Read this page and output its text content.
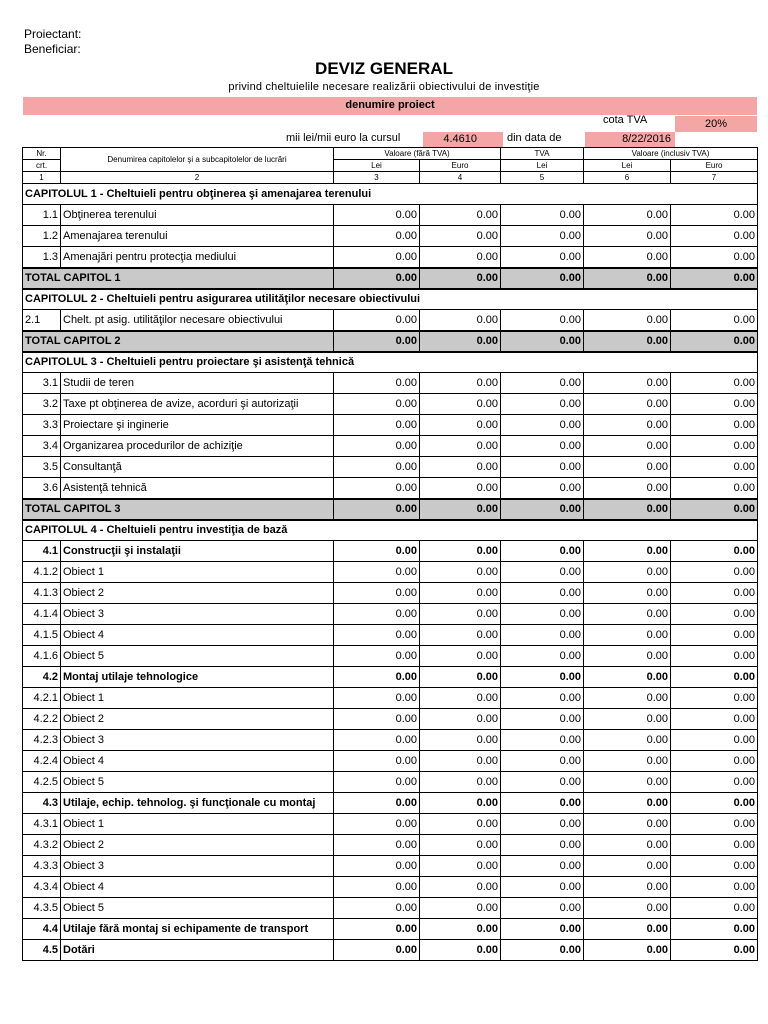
Proiectant:
Beneficiar:
DEVIZ GENERAL
privind cheltuielile necesare realizării obiectivului de investiţie
denumire proiect
cota TVA	20%
mii lei/mii euro la cursul	4.4610	din data de	8/22/2016
Nr.	Denumirea capitolelor şi a subcapitolelor de lucrări	Valoare (fără TVA)		TVA	Valoare (inclusiv TVA)	
crt.		Lei	Euro	Lei	Lei	Euro
1	2	3	4	5	6	7
CAPITOLUL 1 - Cheltuieli pentru obţinerea şi amenajarea terenului						
1.1	Obţinerea terenului	0.00	0.00	0.00	0.00	0.00
1.2	Amenajarea terenului	0.00	0.00	0.00	0.00	0.00
1.3	Amenajări pentru protecţia mediului	0.00	0.00	0.00	0.00	0.00
TOTAL CAPITOL 1		0.00	0.00	0.00	0.00	0.00
CAPITOLUL 2 - Cheltuieli pentru asigurarea utilităţilor necesare obiectivului						
2.1	Chelt. pt asig. utilităţilor necesare obiectivului	0.00	0.00	0.00	0.00	0.00
TOTAL CAPITOL 2		0.00	0.00	0.00	0.00	0.00
CAPITOLUL 3 - Cheltuieli pentru proiectare şi asistenţă tehnică						
3.1	Studii de teren	0.00	0.00	0.00	0.00	0.00
3.2	Taxe pt obţinerea de avize, acorduri şi autorizaţii	0.00	0.00	0.00	0.00	0.00
3.3	Proiectare şi inginerie	0.00	0.00	0.00	0.00	0.00
3.4	Organizarea procedurilor de achiziţie	0.00	0.00	0.00	0.00	0.00
3.5	Consultanţă	0.00	0.00	0.00	0.00	0.00
3.6	Asistenţă tehnică	0.00	0.00	0.00	0.00	0.00
TOTAL CAPITOL 3		0.00	0.00	0.00	0.00	0.00
CAPITOLUL 4 - Cheltuieli pentru investiţia de bază						
4.1	Construcţii şi instalaţii	0.00	0.00	0.00	0.00	0.00
4.1.2	Obiect 1	0.00	0.00	0.00	0.00	0.00
4.1.3	Obiect 2	0.00	0.00	0.00	0.00	0.00
4.1.4	Obiect 3	0.00	0.00	0.00	0.00	0.00
4.1.5	Obiect 4	0.00	0.00	0.00	0.00	0.00
4.1.6	Obiect 5	0.00	0.00	0.00	0.00	0.00
4.2	Montaj utilaje tehnologice	0.00	0.00	0.00	0.00	0.00
4.2.1	Obiect 1	0.00	0.00	0.00	0.00	0.00
4.2.2	Obiect 2	0.00	0.00	0.00	0.00	0.00
4.2.3	Obiect 3	0.00	0.00	0.00	0.00	0.00
4.2.4	Obiect 4	0.00	0.00	0.00	0.00	0.00
4.2.5	Obiect 5	0.00	0.00	0.00	0.00	0.00
4.3	Utilaje, echip. tehnolog. şi funcţionale cu montaj	0.00	0.00	0.00	0.00	0.00
4.3.1	Obiect 1	0.00	0.00	0.00	0.00	0.00
4.3.2	Obiect 2	0.00	0.00	0.00	0.00	0.00
4.3.3	Obiect 3	0.00	0.00	0.00	0.00	0.00
4.3.4	Obiect 4	0.00	0.00	0.00	0.00	0.00
4.3.5	Obiect 5	0.00	0.00	0.00	0.00	0.00
4.4	Utilaje fără montaj si echipamente de transport	0.00	0.00	0.00	0.00	0.00
4.5	Dotări	0.00	0.00	0.00	0.00	0.00
